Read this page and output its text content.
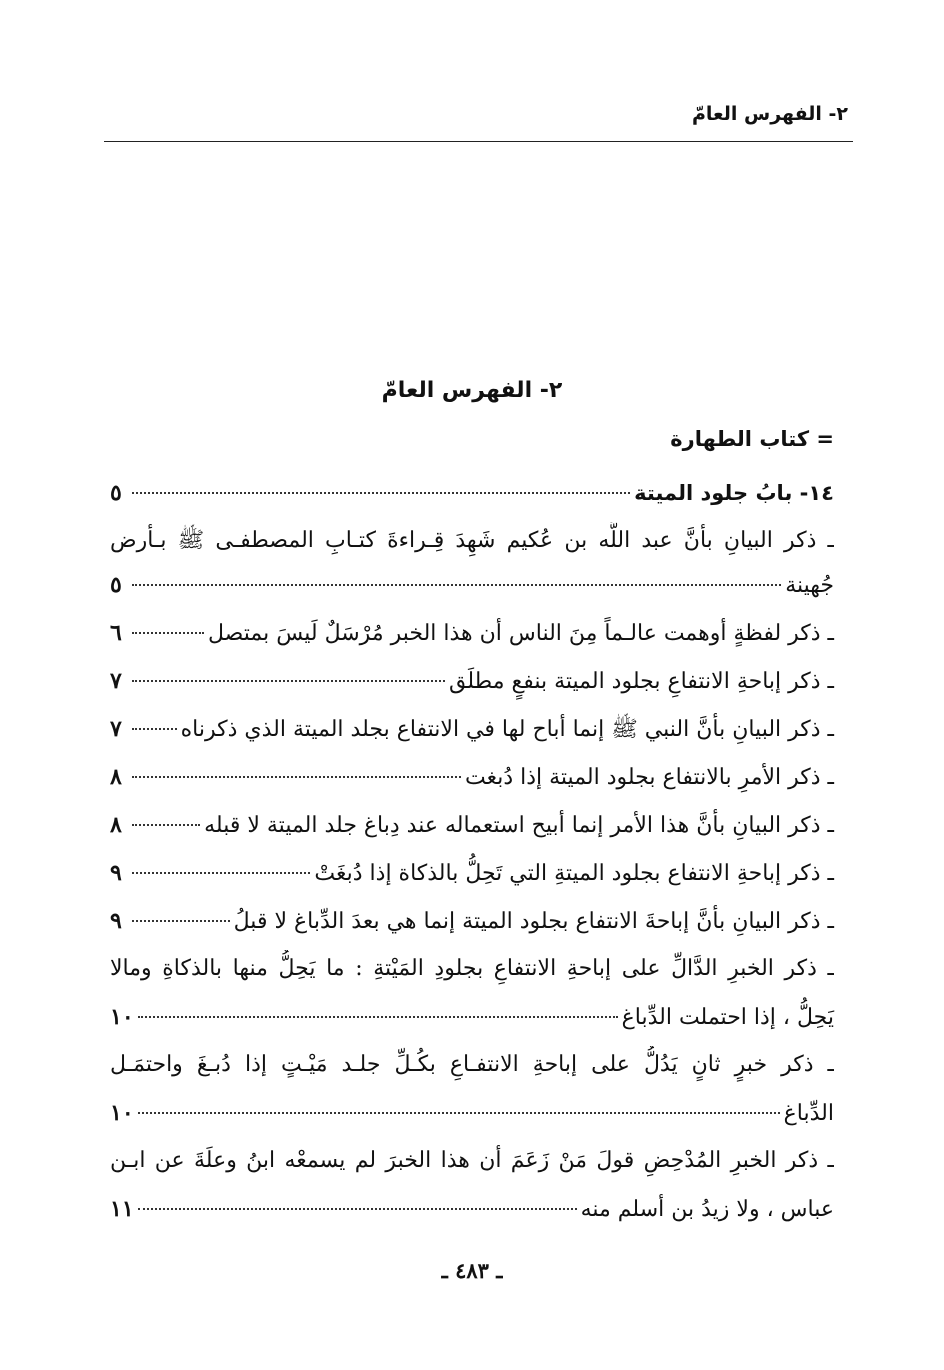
٢- الفهرس العامّ
٢- الفهرس العامّ
= كتاب الطهارة
١٤- بابُ جلود الميتة
٥
ـ ذكر البيانِ بأنَّ عبد اللَّه بن عُكيم شَهِدَ قِـراءةَ كتـابِ المصطفـى ﷺ بـأرض
جُهينة
٥
ـ ذكر لفظةٍ أوهمت عالـماً مِنَ الناس أن هذا الخبر مُرْسَلٌ لَيسَ بمتصل
٦
ـ ذكر إباحةِ الانتفاعِ بجلود الميتة بنفعٍ مطلَق
٧
ـ ذكر البيانِ بأنَّ النبي ﷺ إنما أباح لها في الانتفاع بجلد الميتة الذي ذكرناه
٧
ـ ذكر الأمرِ بالانتفاع بجلود الميتة إذا دُبغت
٨
ـ ذكر البيانِ بأنَّ هذا الأمر إنما أبيح استعماله عند دِباغ جلد الميتة لا قبله
٨
ـ ذكر إباحةِ الانتفاع بجلود الميتةِ التي تَحِلُّ بالذكاة إذا دُبغَتْ
٩
ـ ذكر البيانِ بأنَّ إباحةَ الانتفاع بجلود الميتة إنما هي بعدَ الدِّباغ لا قبلُ
٩
ـ ذكر الخبرِ الدَّالِّ على إباحةِ الانتفاعِ بجلودِ المَيْتةِ : ما يَحِلُّ منها بالذكاةِ ومالا
يَحِلُّ ، إذا احتملت الدِّباغ
١٠
ـ ذكر خبرٍ ثانٍ يَدُلُّ على إباحةِ الانتفـاعِ بكُـلِّ جلـد مَيْـتٍ إذا دُبـغَ واحتمَـل
الدِّباغ
١٠
ـ ذكر الخبرِ المُدْحِضِ قولَ مَنْ زَعَمَ أن هذا الخبرَ لم يسمعْه ابنُ وعلَةَ عن ابـن
عباس ، ولا زيدُ بن أسلم منه
١١
ـ ٤٨٣ ـ
